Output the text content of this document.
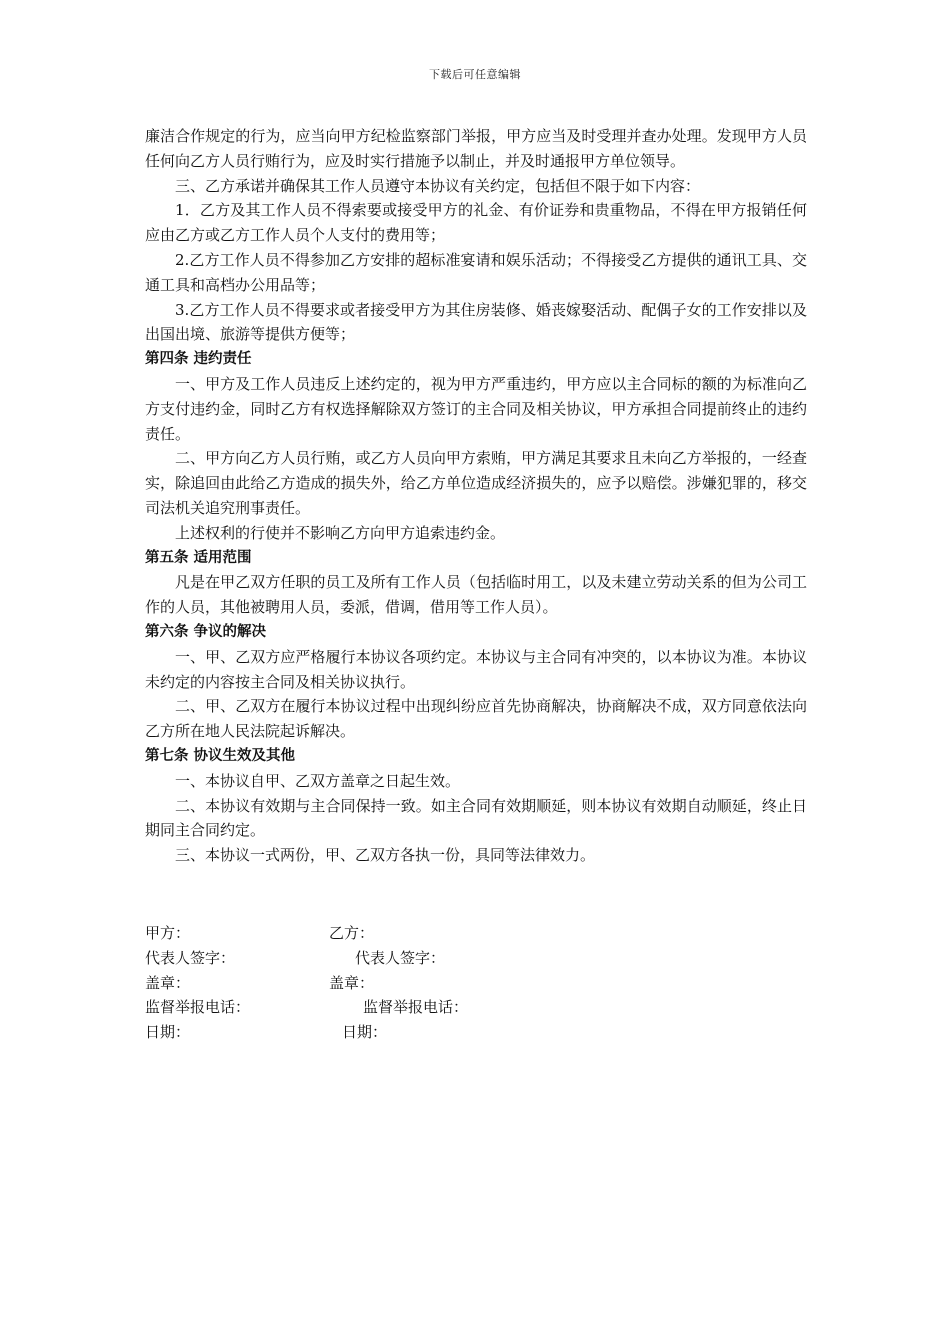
下载后可任意编辑

廉洁合作规定的行为，应当向甲方纪检监察部门举报，甲方应当及时受理并查办处理。发现甲方人员任何向乙方人员行贿行为，应及时实行措施予以制止，并及时通报甲方单位领导。

三、乙方承诺并确保其工作人员遵守本协议有关约定，包括但不限于如下内容：

1．乙方及其工作人员不得索要或接受甲方的礼金、有价证券和贵重物品，不得在甲方报销任何应由乙方或乙方工作人员个人支付的费用等；

2.乙方工作人员不得参加乙方安排的超标准宴请和娱乐活动；不得接受乙方提供的通讯工具、交通工具和高档办公用品等；

3.乙方工作人员不得要求或者接受甲方为其住房装修、婚丧嫁娶活动、配偶子女的工作安排以及出国出境、旅游等提供方便等；

第四条 违约责任

一、甲方及工作人员违反上述约定的，视为甲方严重违约，甲方应以主合同标的额的为标准向乙方支付违约金，同时乙方有权选择解除双方签订的主合同及相关协议，甲方承担合同提前终止的违约责任。

二、甲方向乙方人员行贿，或乙方人员向甲方索贿，甲方满足其要求且未向乙方举报的，一经查实，除追回由此给乙方造成的损失外，给乙方单位造成经济损失的，应予以赔偿。涉嫌犯罪的，移交司法机关追究刑事责任。

上述权利的行使并不影响乙方向甲方追索违约金。

第五条 适用范围

凡是在甲乙双方任职的员工及所有工作人员（包括临时用工，以及未建立劳动关系的但为公司工作的人员，其他被聘用人员，委派，借调，借用等工作人员）。

第六条 争议的解决

一、甲、乙双方应严格履行本协议各项约定。本协议与主合同有冲突的，以本协议为准。本协议未约定的内容按主合同及相关协议执行。

二、甲、乙双方在履行本协议过程中出现纠纷应首先协商解决，协商解决不成，双方同意依法向乙方所在地人民法院起诉解决。

第七条 协议生效及其他

一、本协议自甲、乙双方盖章之日起生效。

二、本协议有效期与主合同保持一致。如主合同有效期顺延，则本协议有效期自动顺延，终止日期同主合同约定。

三、本协议一式两份，甲、乙双方各执一份，具同等法律效力。

甲方：	乙方：
代表人签字：	代表人签字：
盖章：	盖章：
监督举报电话：	监督举报电话：
日期：	日期：
